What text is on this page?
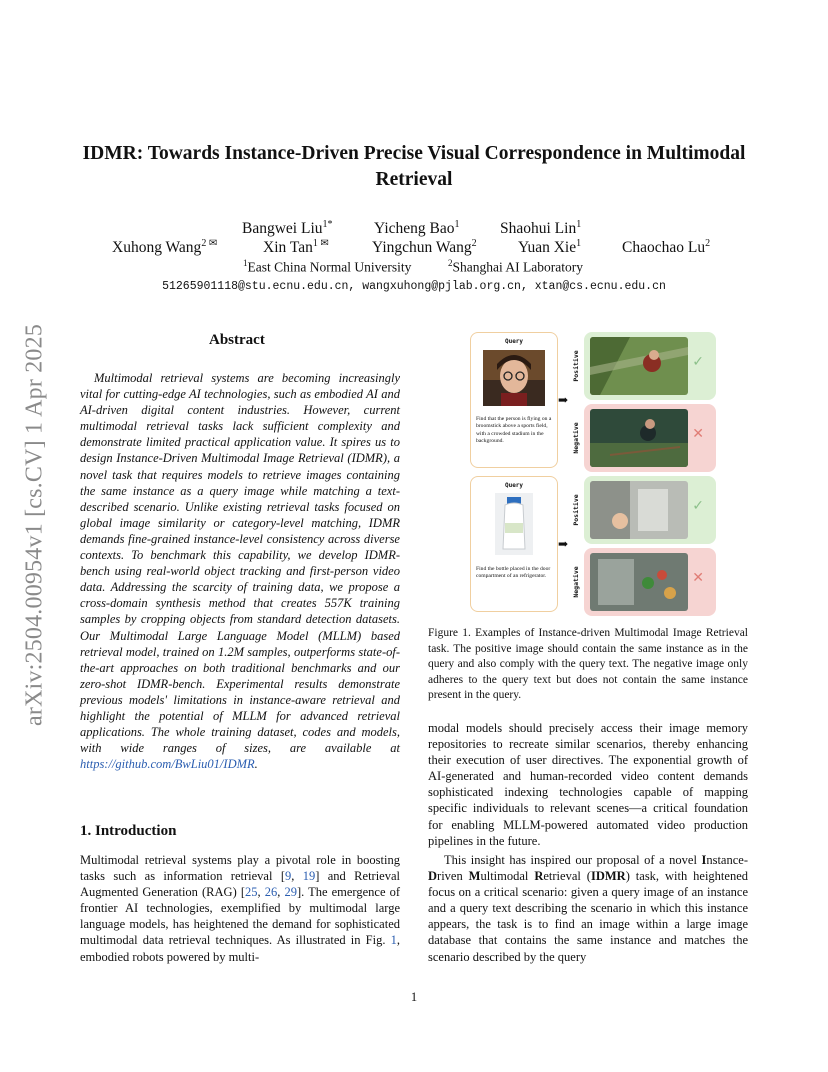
arXiv:2504.00954v1 [cs.CV] 1 Apr 2025
IDMR: Towards Instance-Driven Precise Visual Correspondence in Multimodal Retrieval
Bangwei Liu$^{1*}$	Yicheng Bao$^1$	Shaohui Lin$^1$
Xuhong Wang$^{2 ✉}$	Xin Tan$^{1 ✉}$	Yingchun Wang$^2$	Yuan Xie$^1$	Chaochao Lu$^2$
$^1$East China Normal University	$^2$Shanghai AI Laboratory
51265901118@stu.ecnu.edu.cn, wangxuhong@pjlab.org.cn, xtan@cs.ecnu.edu.cn
Abstract

Multimodal retrieval systems are becoming increasingly vital for cutting-edge AI technologies, such as embodied AI and AI-driven digital content industries. However, current multimodal retrieval tasks lack sufficient complexity and demonstrate limited practical application value. It spires us to design Instance-Driven Multimodal Image Retrieval (IDMR), a novel task that requires models to retrieve images containing the same instance as a query image while matching a text-described scenario. Unlike existing retrieval tasks focused on global image similarity or category-level matching, IDMR demands fine-grained instance-level consistency across diverse contexts. To benchmark this capability, we develop IDMR-bench using real-world object tracking and first-person video data. Addressing the scarcity of training data, we propose a cross-domain synthesis method that creates 557K training samples by cropping objects from standard detection datasets. Our Multimodal Large Language Model (MLLM) based retrieval model, trained on 1.2M samples, outperforms state-of-the-art approaches on both traditional benchmarks and our zero-shot IDMR-bench. Experimental results demonstrate previous models' limitations in instance-aware retrieval and highlight the potential of MLLM for advanced retrieval applications. The whole training dataset, codes and models, with wide ranges of sizes, are available at https://github.com/BwLiu01/IDMR.

1. Introduction

Multimodal retrieval systems play a pivotal role in boosting tasks such as information retrieval [9, 19] and Retrieval Augmented Generation (RAG) [25, 26, 29]. The emergence of frontier AI technologies, exemplified by multimodal large language models, has heightened the demand for sophisticated multimodal data retrieval techniques. As illustrated in Fig. 1, embodied robots powered by multi-

Query
Find that the person is flying on a broomstick above a sports field, with a crowded stadium in the background.
➡
Positive
Negative
✓
✕
Query
Find the bottle placed in the door compartment of an refrigerator.
➡
Positive
Negative
✓
✕

Figure 1. Examples of Instance-driven Multimodal Image Retrieval task. The positive image should contain the same instance as in the query and also comply with the query text. The negative image only adheres to the query text but does not contain the same instance present in the query.

modal models should precisely access their image memory repositories to recreate similar scenarios, thereby enhancing their execution of user directives. The exponential growth of AI-generated and human-recorded video content demands sophisticated indexing technologies capable of mapping specific individuals to relevant scenes—a critical foundation for enabling MLLM-powered automated video production pipelines in the future.

This insight has inspired our proposal of a novel Instance-Driven Multimodal Retrieval (IDMR) task, with heightened focus on a critical scenario: given a query image of an instance and a query text describing the scenario in which this instance appears, the task is to find an image within a large image database that contains the same instance and matches the scenario described by the query

1
